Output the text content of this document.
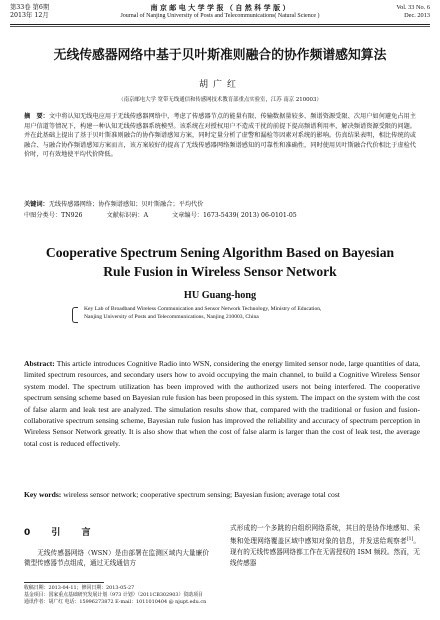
第33卷 第6期
2013年 12月
南 京 邮 电 大 学 学 报 （ 自 然 科 学 版 ）
Journal of Nanjing University of Posts and Telecommunications( Natural Science )
Vol. 33 No. 6
Dec. 2013
无线传感器网络中基于贝叶斯准则融合的协作频谱感知算法
胡广红
（南京邮电大学 宽带无线通信和传感网技术教育部重点实验室，江苏 南京 210003）
摘　要：文中将认知无线电应用于无线传感器网络中，考虑了传感器节点的能量有限、传输数据量较多、频谱资源受限、次用户如何避免占用主用户信道等情况下，构建一种认知无线传感器系统模型。该系统在对授权用户不造成干扰的前提下提高频谱利用率，解决频谱资源受限的问题。并在此基础上提出了基于贝叶斯准则融合的协作频谱感知方案，同时定量分析了虚警和漏检等因素对系统的影响。仿真结果表明，相比传统的或融合、与融合协作频谱感知方案而言，该方案较好的提高了无线传感器网络频谱感知的可靠性和准确性，同时使用贝叶斯融合代价相比于虚检代价时，可有效地使平均代价降低。
关键词：无线传感器网络；协作频谱感知；贝叶斯融合；平均代价
中图分类号：TN926	文献标识码：A	文章编号：1673-5439( 2013) 06-0101-05
Cooperative Spectrum Sening Algorithm Based on Bayesian
Rule Fusion in Wireless Sensor Network
HU Guang-hong
Key Lab of Broadband Wireless Communication and Sensor Network Technology, Ministry of Education,
Nanjing University of Posts and Telecommunications, Nanjing 210003, China
Abstract: This article introduces Cognitive Radio into WSN, considering the energy limited sensor node, large quantities of data, limited spectrum resources, and secondary users how to avoid occupying the main channel, to build a Cognitive Wireless Sensor system model. The spectrum utilization has been improved with the authorized users not being interfered. The cooperative spectrum sensing scheme based on Bayesian rule fusion has been proposed in this system. The impact on the system with the cost of false alarm and leak test are analyzed. The simulation results show that, compared with the traditional or fusion and fusion-collaborative spectrum sensing scheme, Bayesian rule fusion has improved the reliability and accuracy of spectrum perception in Wireless Sensor Network greatly. It is also show that when the cost of false alarm is larger than the cost of leak test, the average total cost is reduced effectively.
Key words: wireless sensor network; cooperative spectrum sensing; Bayesian fusion; average total cost
0 引 言
无线传感器网络（WSN）是由部署在监测区域内大量廉价微型传感器节点组成，通过无线通信方
式形成的一个多跳的自组织网络系统，其目的是协作地感知、采集和处理网络覆盖区域中感知对象的信息，并发送给观察者[1]。现有的无线传感器网络都工作在无需授权的 ISM 频段。然而，无线传感器
收稿日期：2013-04-11；修回日期：2013-05-27
基金项目：国家重点基础研究发展计划（973 计划）（2011CB302903）资助项目
通讯作者：胡广红 电话：15996273872 E-mail：1011010404 @ njupt.edu.cn
